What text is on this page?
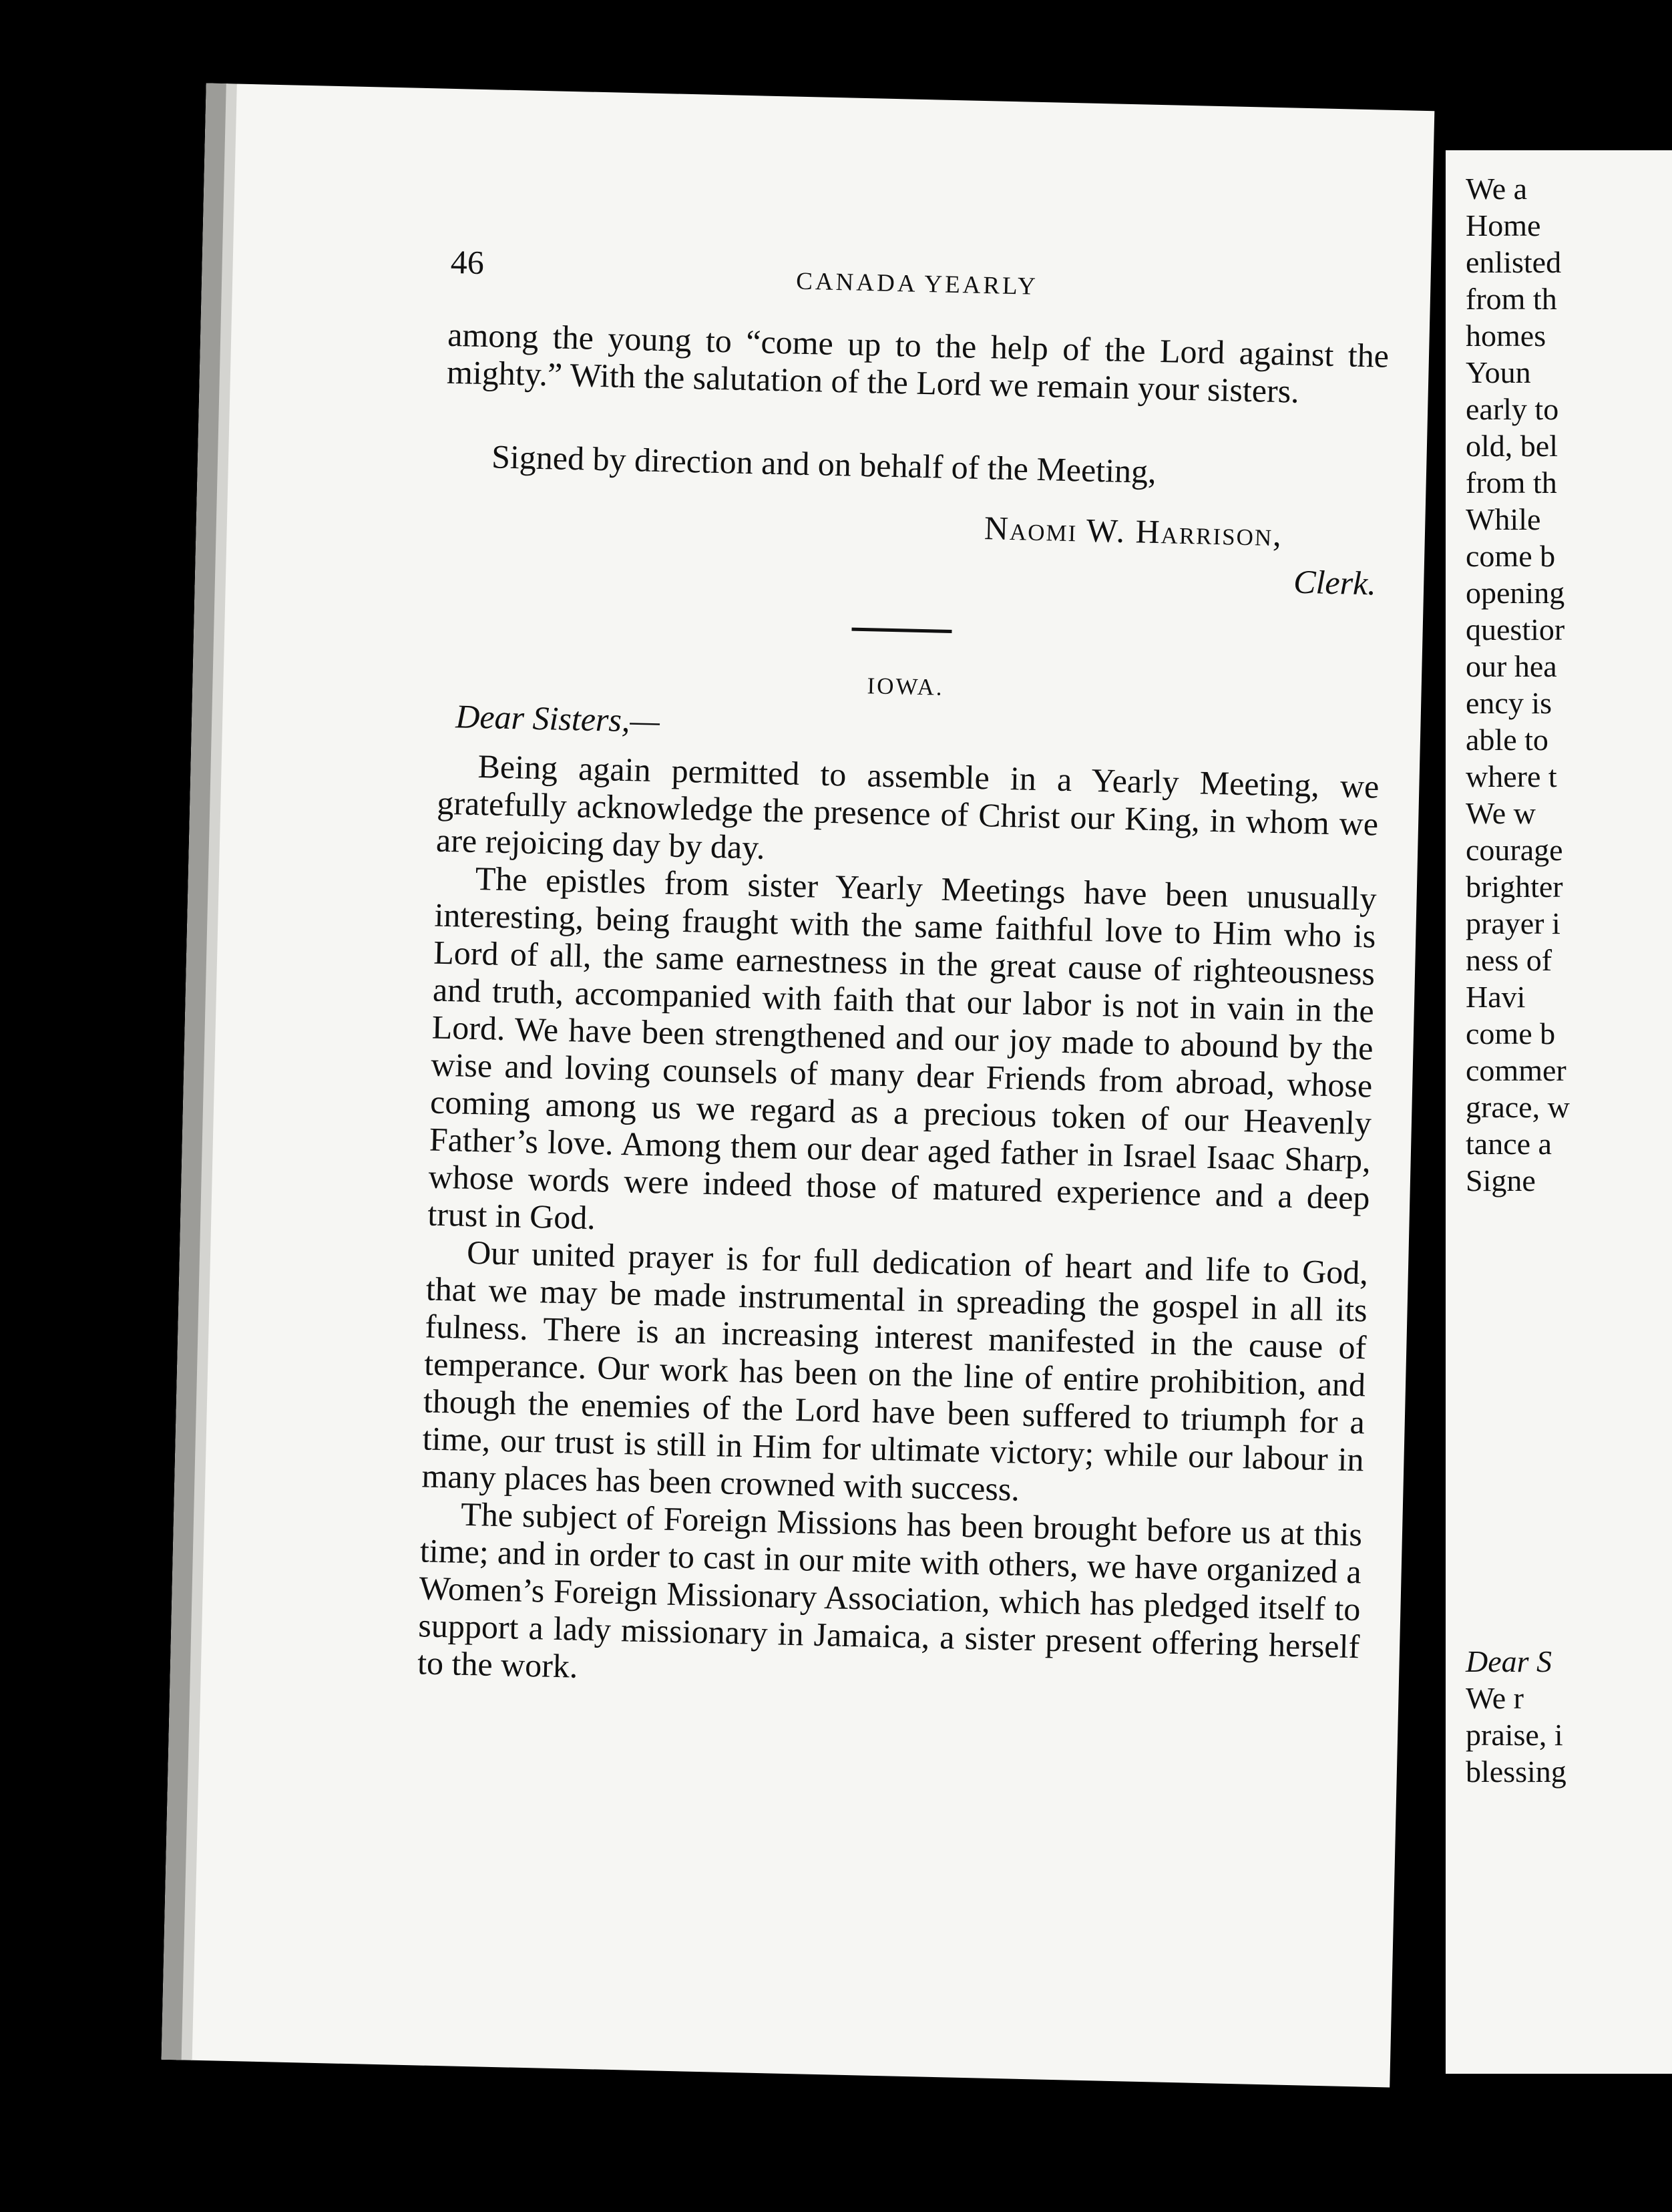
46
CANADA YEARLY

among the young to “come up to the help of the Lord against the mighty.” With the salutation of the Lord we remain your sisters.

Signed by direction and on behalf of the Meeting,
Naomi W. Harrison,
Clerk.
IOWA.
Dear Sisters,—

Being again permitted to assemble in a Yearly Meeting, we gratefully acknowledge the presence of Christ our King, in whom we are rejoicing day by day.

The epistles from sister Yearly Meetings have been unusually interesting, being fraught with the same faithful love to Him who is Lord of all, the same earnestness in the great cause of righteousness and truth, accompanied with faith that our labor is not in vain in the Lord. We have been strengthened and our joy made to abound by the wise and loving counsels of many dear Friends from abroad, whose coming among us we regard as a precious token of our Heavenly Father’s love. Among them our dear aged father in Israel Isaac Sharp, whose words were indeed those of matured experience and a deep trust in God.

Our united prayer is for full dedication of heart and life to God, that we may be made instrumental in spreading the gospel in all its fulness. There is an increasing interest manifested in the cause of temperance. Our work has been on the line of entire prohibition, and though the enemies of the Lord have been suffered to triumph for a time, our trust is still in Him for ultimate victory; while our labour in many places has been crowned with success.

The subject of Foreign Missions has been brought before us at this time; and in order to cast in our mite with others, we have organized a Women’s Foreign Missionary Association, which has pledged itself to support a lady missionary in Jamaica, a sister present offering herself to the work.

We a
Home
enlisted
from th
homes
Youn
early to
old, bel
from th
While
come b
opening
questior
our hea
ency is
able to
where t
We w
courage
brighter
prayer i
ness of
Havi
come b
commer
grace, w
tance a
Signe
Dear S
We r
praise, i
blessing
